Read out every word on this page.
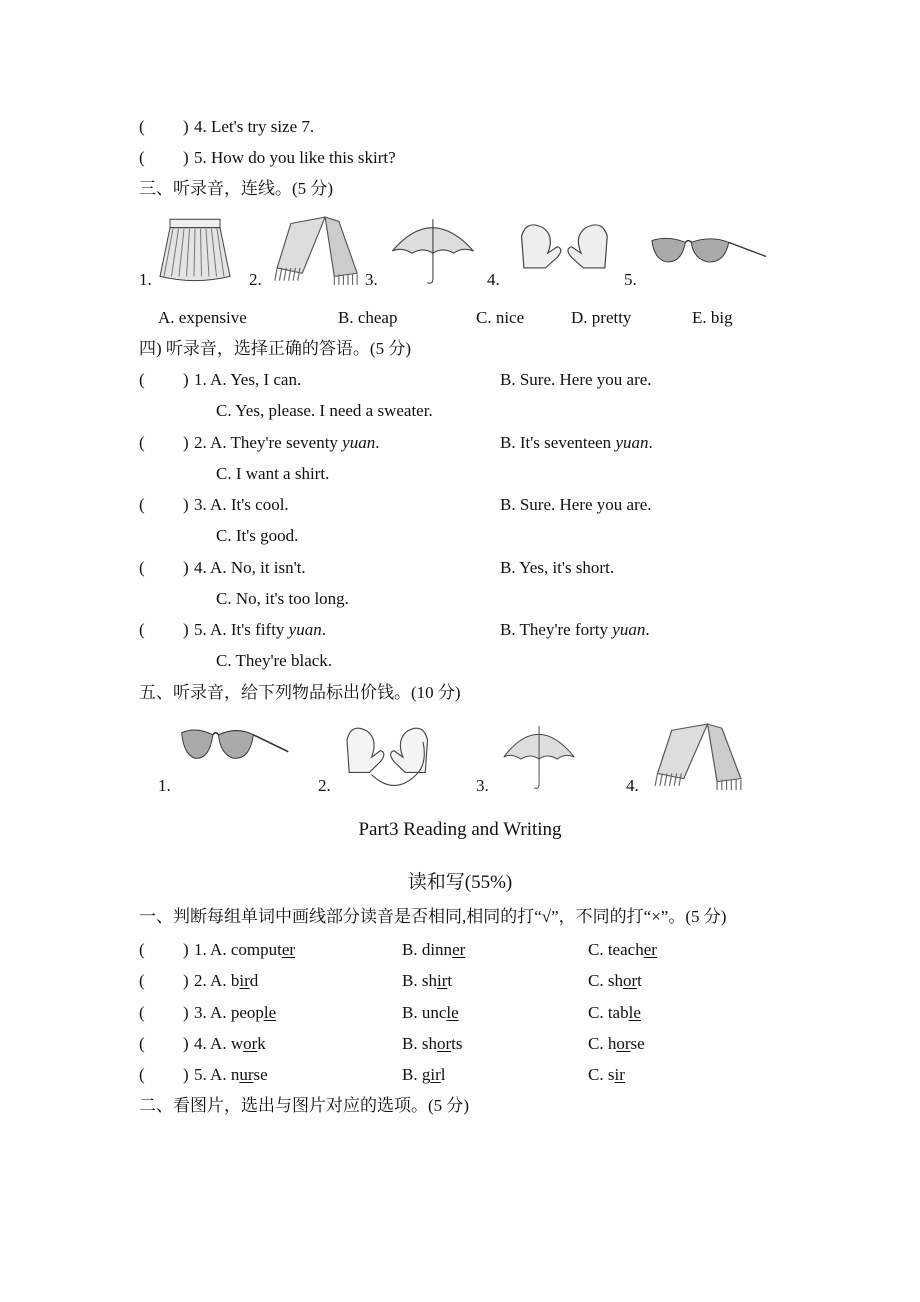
( ) 4. Let's try size 7.
( ) 5. How do you like this skirt?
三、听录音，连线。(5 分)
1.	2.	3.	4.	5.
A. expensive	B. cheap	C. nice	D. pretty	E. big
四) 听录音，选择正确的答语。(5 分)
( ) 1. A. Yes, I can.	B. Sure. Here you are.
C. Yes, please. I need a sweater.
( ) 2. A. They're seventy yuan.	B. It's seventeen yuan.
C. I want a shirt.
( ) 3. A. It's cool.	B. Sure. Here you are.
C. It's good.
( ) 4. A. No, it isn't.	B. Yes, it's short.
C. No, it's too long.
( ) 5. A. It's fifty yuan.	B. They're forty yuan.
C. They're black.
五、听录音，给下列物品标出价钱。(10 分)
1.	2.	3.	4.
Part3 Reading and Writing
读和写(55%)
一、判断每组单词中画线部分读音是否相同,相同的打“√”，不同的打“×”。(5 分)
( ) 1. A. computer	B. dinner	C. teacher
( ) 2. A. bird	B. shirt	C. short
( ) 3. A. people	B. uncle	C. table
( ) 4. A. work	B. shorts	C. horse
( ) 5. A. nurse	B. girl	C. sir
二、看图片，选出与图片对应的选项。(5 分)
